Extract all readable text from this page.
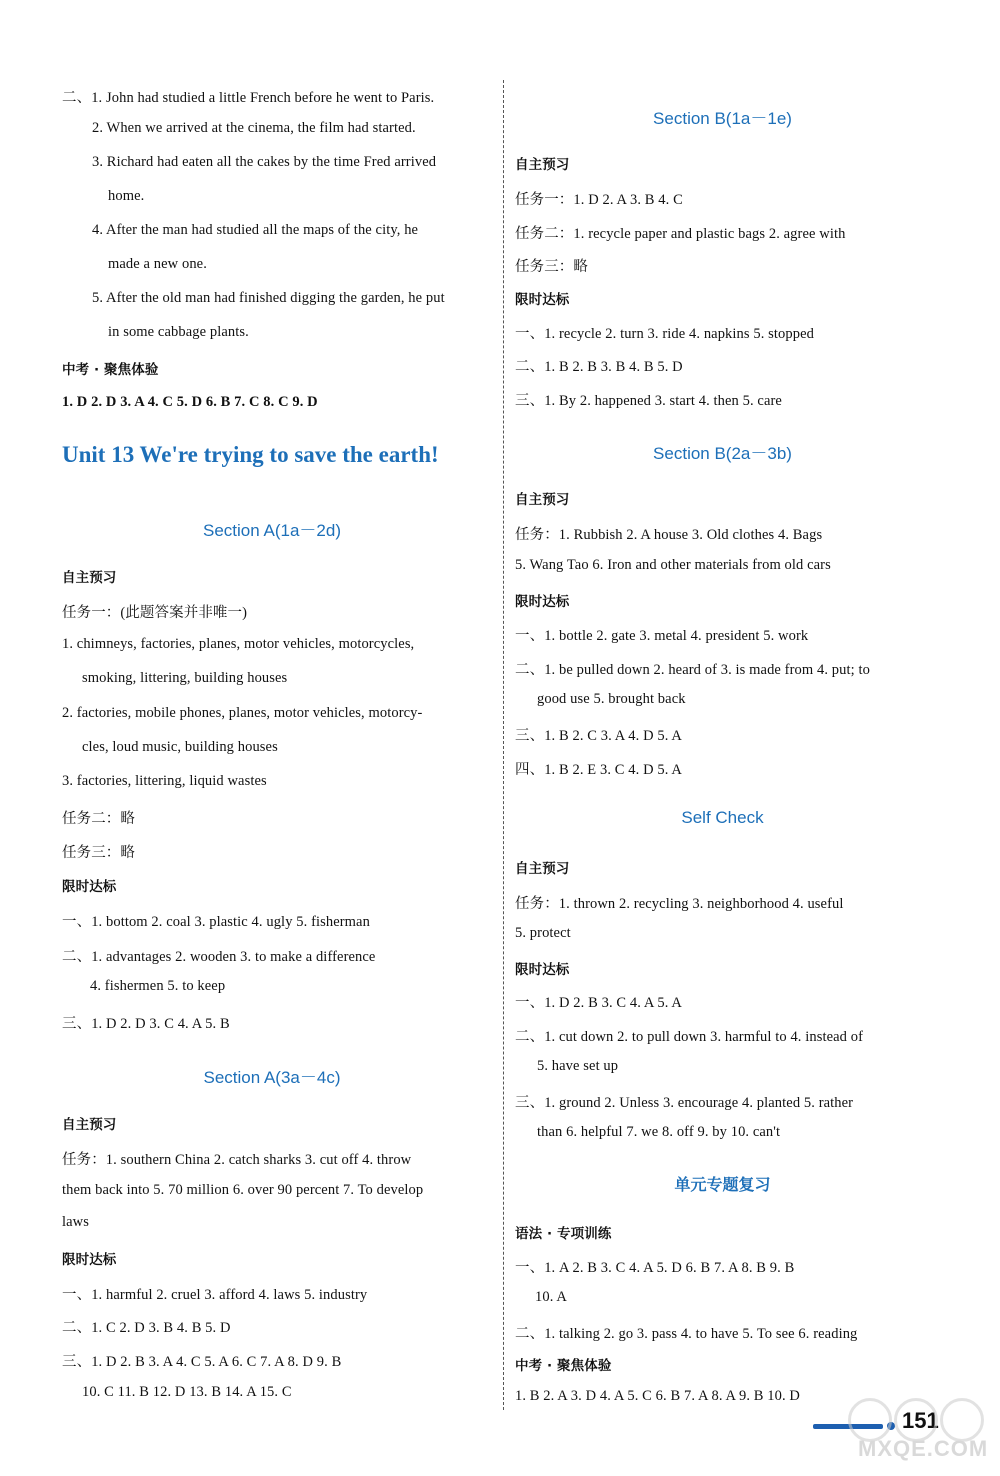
二、1. John had studied a little French before he went to Paris.
2. When we arrived at the cinema, the film had started.
3. Richard had eaten all the cakes by the time Fred arrived
home.
4. After the man had studied all the maps of the city, he
made a new one.
5. After the old man had finished digging the garden, he put
in some cabbage plants.
中考 · 聚焦体验
1. D 2. D 3. A 4. C 5. D 6. B 7. C 8. C 9. D
Unit 13 We're trying to save the earth!
Section A(1a－2d)
自主预习
任务一：(此题答案并非唯一)
1. chimneys, factories, planes, motor vehicles, motorcycles,
smoking, littering, building houses
2. factories, mobile phones, planes, motor vehicles, motorcy-
cles, loud music, building houses
3. factories, littering, liquid wastes
任务二：略
任务三：略
限时达标
一、1. bottom 2. coal 3. plastic 4. ugly 5. fisherman
二、1. advantages 2. wooden 3. to make a difference
4. fishermen 5. to keep
三、1. D 2. D 3. C 4. A 5. B
Section A(3a－4c)
自主预习
任务：1. southern China 2. catch sharks 3. cut off 4. throw
them back into 5. 70 million 6. over 90 percent 7. To develop
laws
限时达标
一、1. harmful 2. cruel 3. afford 4. laws 5. industry
二、1. C 2. D 3. B 4. B 5. D
三、1. D 2. B 3. A 4. C 5. A 6. C 7. A 8. D 9. B
10. C 11. B 12. D 13. B 14. A 15. C
Section B(1a－1e)
自主预习
任务一：1. D 2. A 3. B 4. C
任务二：1. recycle paper and plastic bags 2. agree with
任务三：略
限时达标
一、1. recycle 2. turn 3. ride 4. napkins 5. stopped
二、1. B 2. B 3. B 4. B 5. D
三、1. By 2. happened 3. start 4. then 5. care
Section B(2a－3b)
自主预习
任务：1. Rubbish 2. A house 3. Old clothes 4. Bags
5. Wang Tao 6. Iron and other materials from old cars
限时达标
一、1. bottle 2. gate 3. metal 4. president 5. work
二、1. be pulled down 2. heard of 3. is made from 4. put; to
good use 5. brought back
三、1. B 2. C 3. A 4. D 5. A
四、1. B 2. E 3. C 4. D 5. A
Self Check
自主预习
任务：1. thrown 2. recycling 3. neighborhood 4. useful
5. protect
限时达标
一、1. D 2. B 3. C 4. A 5. A
二、1. cut down 2. to pull down 3. harmful to 4. instead of
5. have set up
三、1. ground 2. Unless 3. encourage 4. planted 5. rather
than 6. helpful 7. we 8. off 9. by 10. can't
单元专题复习
语法 · 专项训练
一、1. A 2. B 3. C 4. A 5. D 6. B 7. A 8. B 9. B
10. A
二、1. talking 2. go 3. pass 4. to have 5. To see 6. reading
中考 · 聚焦体验
1. B 2. A 3. D 4. A 5. C 6. B 7. A 8. A 9. B 10. D
151
MXQE.COM
